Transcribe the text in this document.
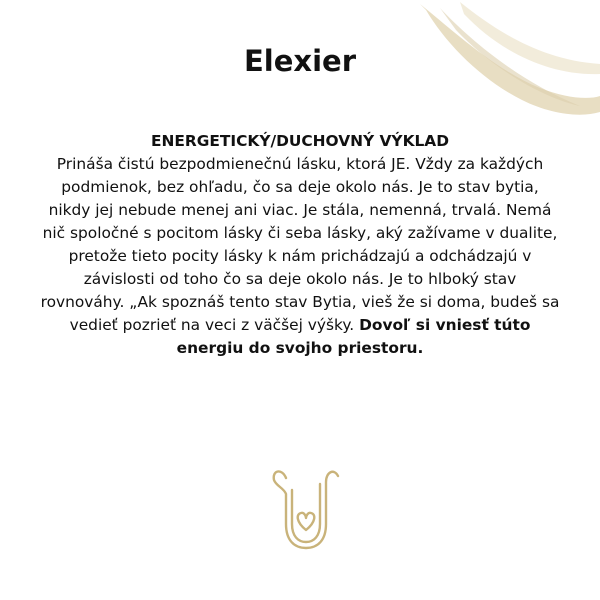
Elexier
ENERGETICKÝ/DUCHOVNÝ VÝKLAD
Prináša čistú bezpodmienečnú lásku, ktorá JE. Vždy za každých podmienok, bez ohľadu, čo sa deje okolo nás. Je to stav bytia, nikdy jej nebude menej ani viac. Je stála, nemenná, trvalá. Nemá nič spoločné s pocitom lásky či seba lásky, aký zažívame v dualite, pretože tieto pocity lásky k nám prichádzajú a odchádzajú v závislosti od toho čo sa deje okolo nás. Je to hlboký stav rovnováhy. „Ak spoznáš tento stav Bytia, vieš že si doma, budeš sa vedieť pozrieť na veci z väčšej výšky. Dovoľ si vniesť túto energiu do svojho priestoru.
